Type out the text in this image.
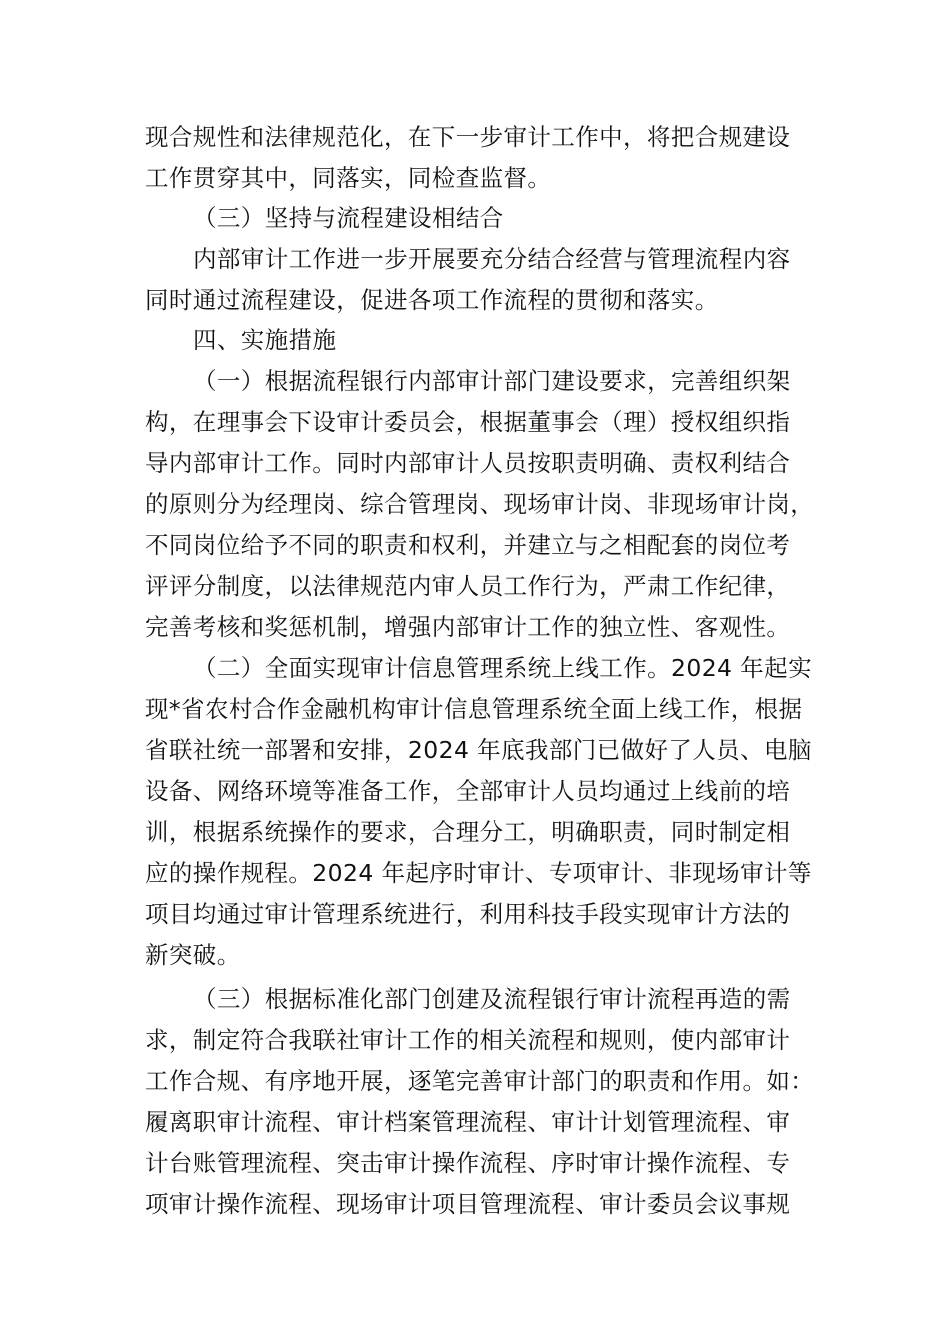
现合规性和法律规范化，在下一步审计工作中，将把合规建设
工作贯穿其中，同落实，同检查监督。
（三）坚持与流程建设相结合
内部审计工作进一步开展要充分结合经营与管理流程内容
同时通过流程建设，促进各项工作流程的贯彻和落实。
四、实施措施
（一）根据流程银行内部审计部门建设要求，完善组织架
构，在理事会下设审计委员会，根据董事会（理）授权组织指
导内部审计工作。同时内部审计人员按职责明确、责权利结合
的原则分为经理岗、综合管理岗、现场审计岗、非现场审计岗，
不同岗位给予不同的职责和权利，并建立与之相配套的岗位考
评评分制度，以法律规范内审人员工作行为，严肃工作纪律，
完善考核和奖惩机制，增强内部审计工作的独立性、客观性。
（二）全面实现审计信息管理系统上线工作。2024 年起实
现*省农村合作金融机构审计信息管理系统全面上线工作，根据
省联社统一部署和安排，2024 年底我部门已做好了人员、电脑
设备、网络环境等准备工作，全部审计人员均通过上线前的培
训，根据系统操作的要求，合理分工，明确职责，同时制定相
应的操作规程。2024 年起序时审计、专项审计、非现场审计等
项目均通过审计管理系统进行，利用科技手段实现审计方法的
新突破。
（三）根据标准化部门创建及流程银行审计流程再造的需
求，制定符合我联社审计工作的相关流程和规则，使内部审计
工作合规、有序地开展，逐笔完善审计部门的职责和作用。如：
履离职审计流程、审计档案管理流程、审计计划管理流程、审
计台账管理流程、突击审计操作流程、序时审计操作流程、专
项审计操作流程、现场审计项目管理流程、审计委员会议事规
